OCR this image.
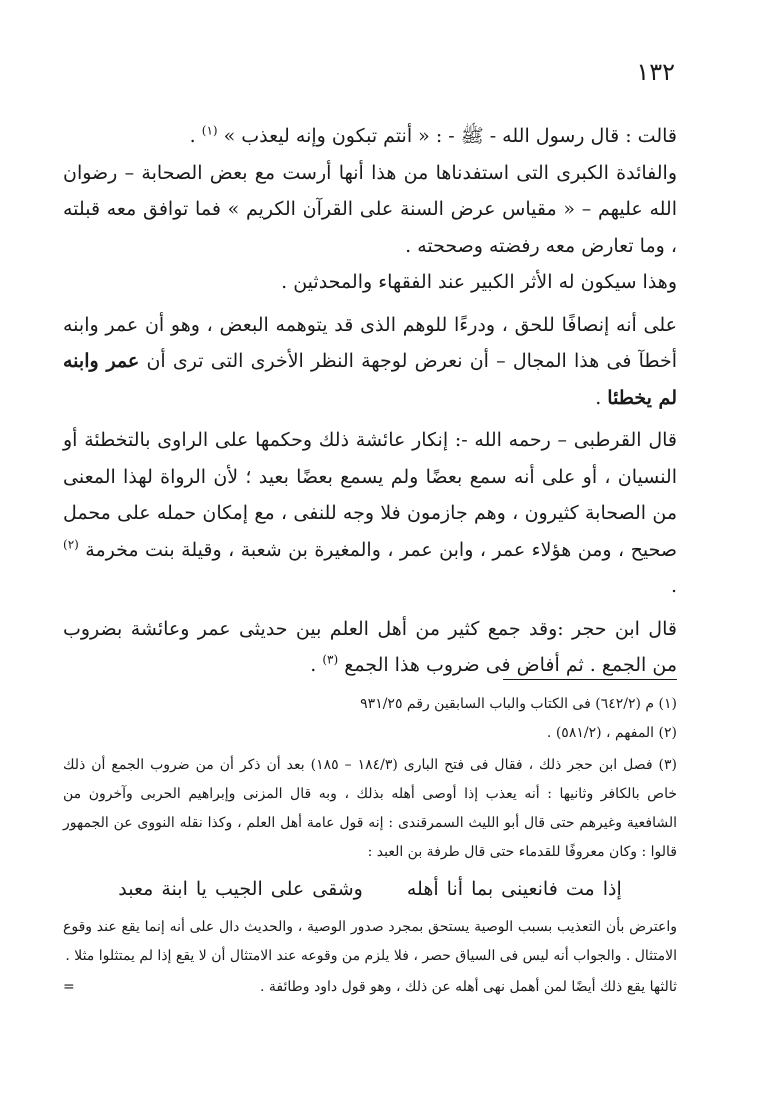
١٣٢

قالت : قال رسول الله - ﷺ - : « أنتم تبكون وإنه ليعذب » $^{(١)}$ .

والفائدة الكبرى التى استفدناها من هذا أنها أرست مع بعض الصحابة – رضوان الله عليهم – « مقياس عرض السنة على القرآن الكريم » فما توافق معه قبلته ، وما تعارض معه رفضته وصححته .

وهذا سيكون له الأثر الكبير عند الفقهاء والمحدثين .

على أنه إنصافًا للحق ، ودرءًا للوهم الذى قد يتوهمه البعض ، وهو أن عمر وابنه أخطآ فى هذا المجال – أن نعرض لوجهة النظر الأخرى التى ترى أن عمر وابنه لم يخطئا .

قال القرطبى – رحمه الله -: إنكار عائشة ذلك وحكمها على الراوى بالتخطئة أو النسيان ، أو على أنه سمع بعضًا ولم يسمع بعضًا بعيد ؛ لأن الرواة لهذا المعنى من الصحابة كثيرون ، وهم جازمون فلا وجه للنفى ، مع إمكان حمله على محمل صحيح ، ومن هؤلاء عمر ، وابن عمر ، والمغيرة بن شعبة ، وقيلة بنت مخرمة $^{(٢)}$ .

قال ابن حجر :وقد جمع كثير من أهل العلم بين حديثى عمر وعائشة بضروب من الجمع . ثم أفاض فى ضروب هذا الجمع $^{(٣)}$ .

(١) م (٦٤٢/٢) فى الكتاب والباب السابقين رقم ٩٣١/٢٥

(٢) المفهم ، (٥٨١/٢) .

(٣) فصل ابن حجر ذلك ، فقال فى فتح البارى (١٨٤/٣ – ١٨٥) بعد أن ذكر أن من ضروب الجمع أن ذلك خاص بالكافر وثانيها : أنه يعذب إذا أوصى أهله بذلك ، وبه قال المزنى وإبراهيم الحربى وآخرون من الشافعية وغيرهم حتى قال أبو الليث السمرقندى : إنه قول عامة أهل العلم ، وكذا نقله النووى عن الجمهور قالوا : وكان معروفًا للقدماء حتى قال طرفة بن العبد :

إذا مت فانعينى بما أنا أهله وشقى على الجيب يا ابنة معبد

واعترض بأن التعذيب بسبب الوصية يستحق بمجرد صدور الوصية ، والحديث دال على أنه إنما يقع عند وقوع الامتثال . والجواب أنه ليس فى السياق حصر ، فلا يلزم من وقوعه عند الامتثال أن لا يقع إذا لم يمتثلوا مثلا .

ثالثها يقع ذلك أيضًا لمن أهمل نهى أهله عن ذلك ، وهو قول داود وطائفة .
=
